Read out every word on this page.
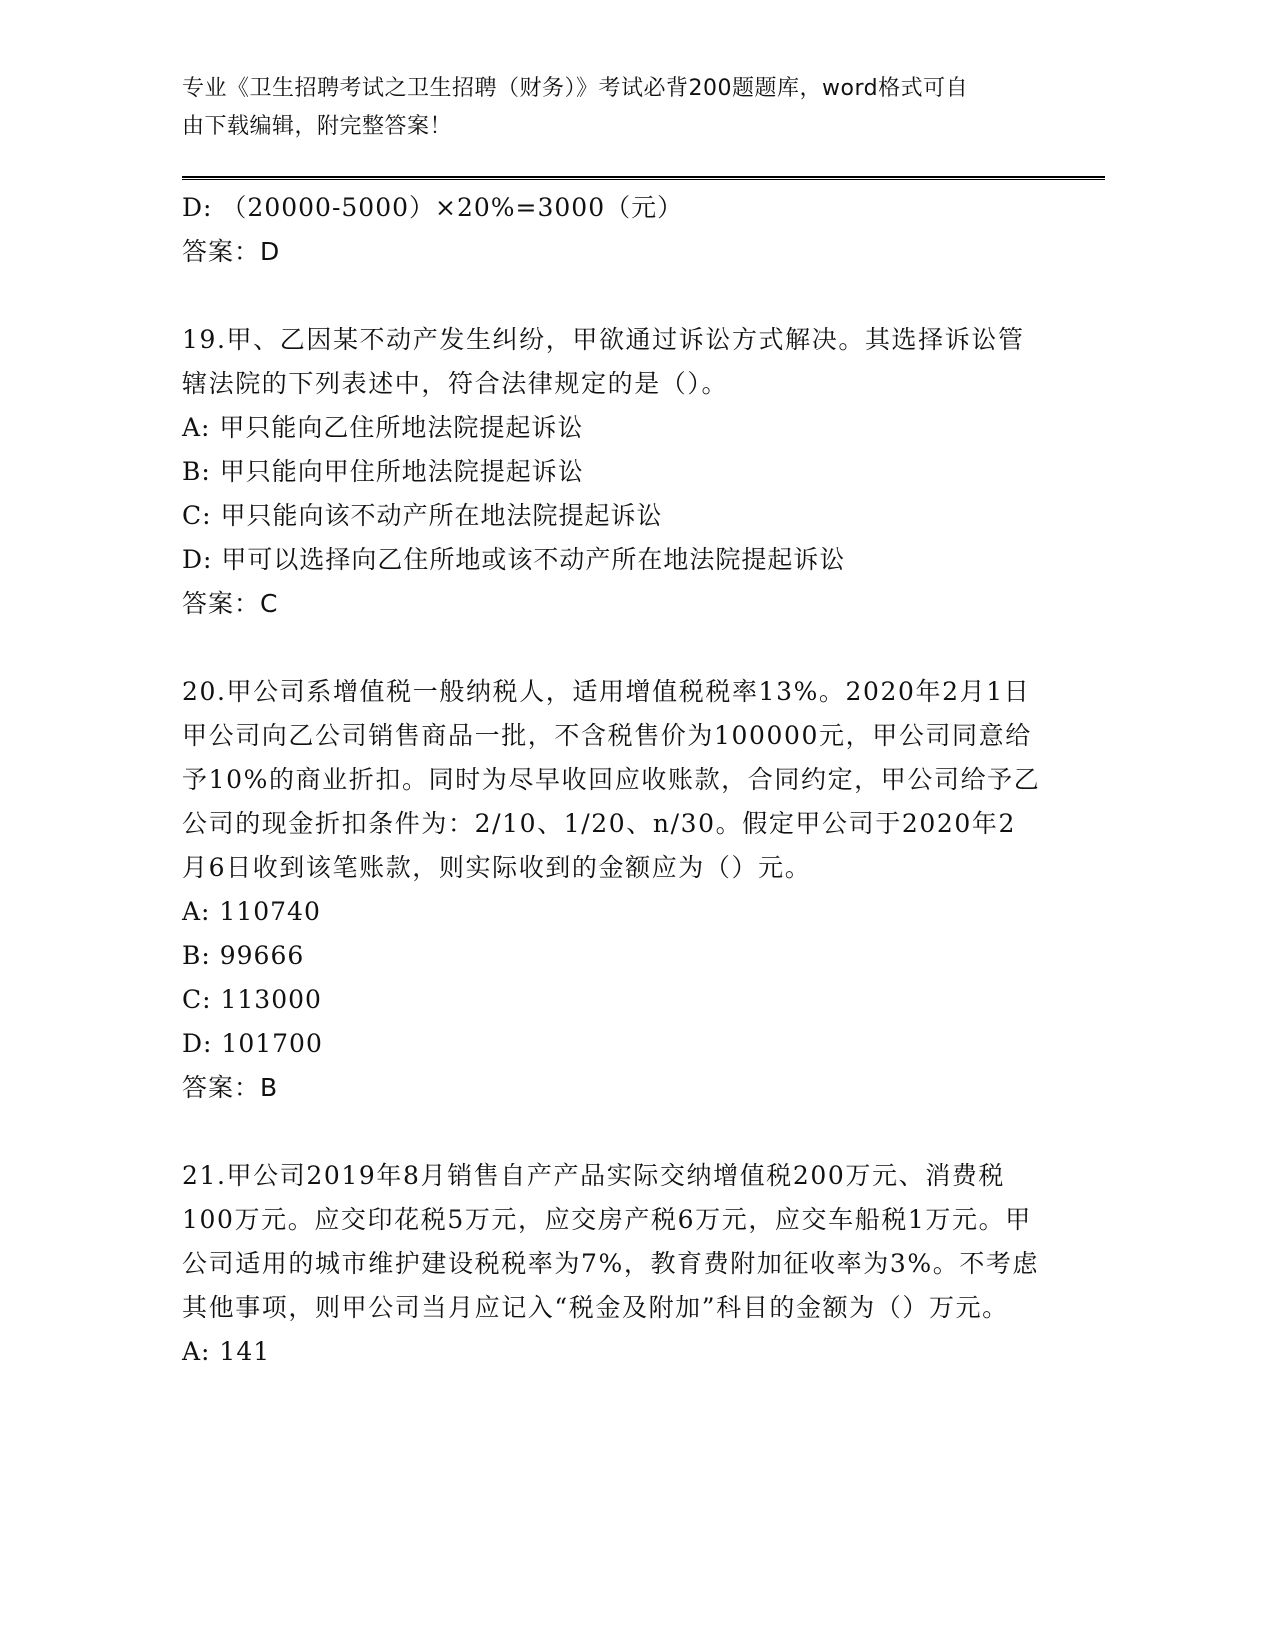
专业《卫生招聘考试之卫生招聘（财务）》考试必背200题题库，word格式可自
由下载编辑，附完整答案！
D: （20000-5000）×20%=3000（元）
答案：D
19.甲、乙因某不动产发生纠纷，甲欲通过诉讼方式解决。其选择诉讼管辖法院的下列表述中，符合法律规定的是（）。
A: 甲只能向乙住所地法院提起诉讼
B: 甲只能向甲住所地法院提起诉讼
C: 甲只能向该不动产所在地法院提起诉讼
D: 甲可以选择向乙住所地或该不动产所在地法院提起诉讼
答案：C
20.甲公司系增值税一般纳税人，适用增值税税率13%。2020年2月1日甲公司向乙公司销售商品一批，不含税售价为100000元，甲公司同意给予10%的商业折扣。同时为尽早收回应收账款，合同约定，甲公司给予乙公司的现金折扣条件为：2/10、1/20、n/30。假定甲公司于2020年2月6日收到该笔账款，则实际收到的金额应为（）元。
A: 110740
B: 99666
C: 113000
D: 101700
答案：B
21.甲公司2019年8月销售自产产品实际交纳增值税200万元、消费税100万元。应交印花税5万元，应交房产税6万元，应交车船税1万元。甲公司适用的城市维护建设税税率为7%，教育费附加征收率为3%。不考虑其他事项，则甲公司当月应记入“税金及附加”科目的金额为（）万元。
A: 141
